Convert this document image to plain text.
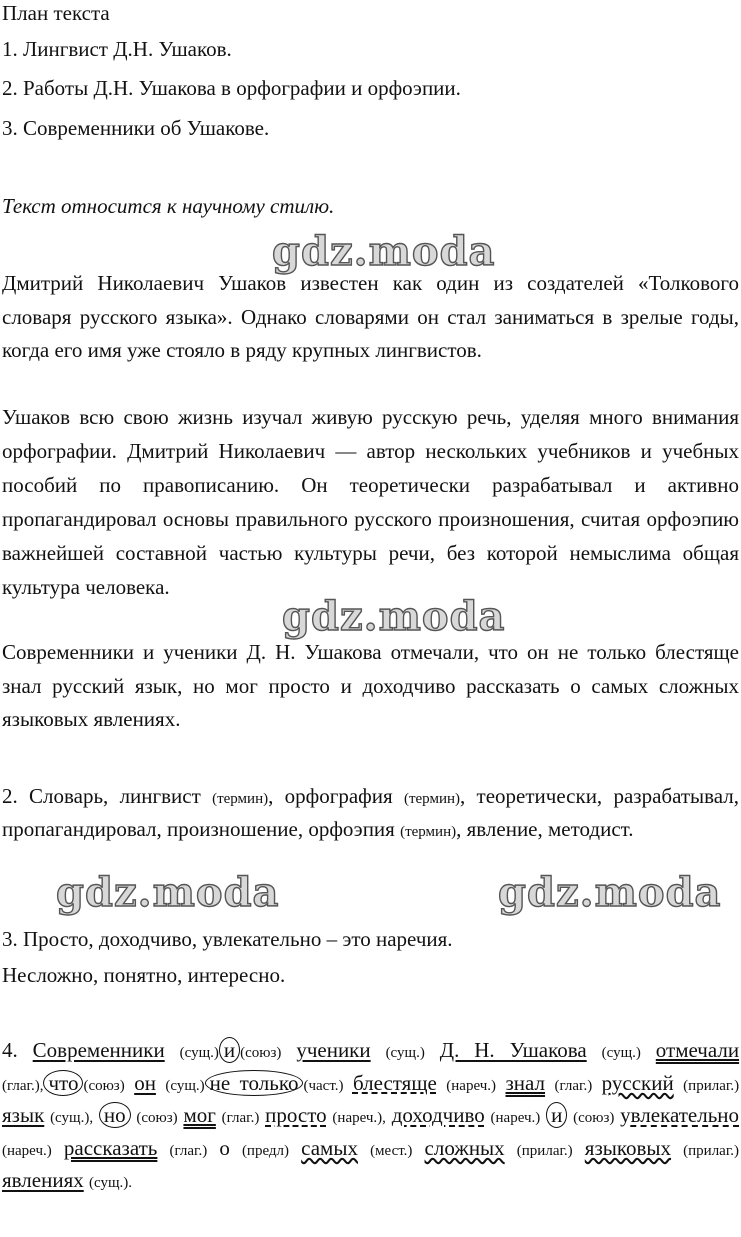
План текста
1. Лингвист Д.Н. Ушаков.
2. Работы Д.Н. Ушакова в орфографии и орфоэпии.
3. Современники об Ушакове.
Текст относится к научному стилю.
gdz.moda
Дмитрий Николаевич Ушаков известен как один из создателей «Толкового словаря русского языка». Однако словарями он стал заниматься в зрелые годы, когда его имя уже стояло в ряду крупных лингвистов.
Ушаков всю свою жизнь изучал живую русскую речь, уделяя много внимания орфографии. Дмитрий Николаевич — автор нескольких учебников и учебных пособий по правописанию. Он теоретически разрабатывал и активно пропагандировал основы правильного русского произношения, считая орфоэпию важнейшей составной частью культуры речи, без которой немыслима общая культура человека.
gdz.moda
Современники и ученики Д. Н. Ушакова отмечали, что он не только блестяще знал русский язык, но мог просто и доходчиво рассказать о самых сложных языковых явлениях.
2. Словарь, лингвист (термин), орфография (термин), теоретически, разрабатывал, пропагандировал, произношение, орфоэпия (термин), явление, методист.
gdz.moda	gdz.moda
3. Просто, доходчиво, увлекательно – это наречия.
Несложно, понятно, интересно.
4. Современники (сущ.) и (союз) ученики (сущ.) Д. Н. Ушакова (сущ.) отмечали (глаг.), что (союз) он (сущ.) не только (част.) блестяще (нареч.) знал (глаг.) русский (прилаг.) язык (сущ.), но (союз) мог (глаг.) просто (нареч.), доходчиво (нареч.) и (союз) увлекательно (нареч.) рассказать (глаг.) о (предл) самых (мест.) сложных (прилаг.) языковых (прилаг.) явлениях (сущ.).
